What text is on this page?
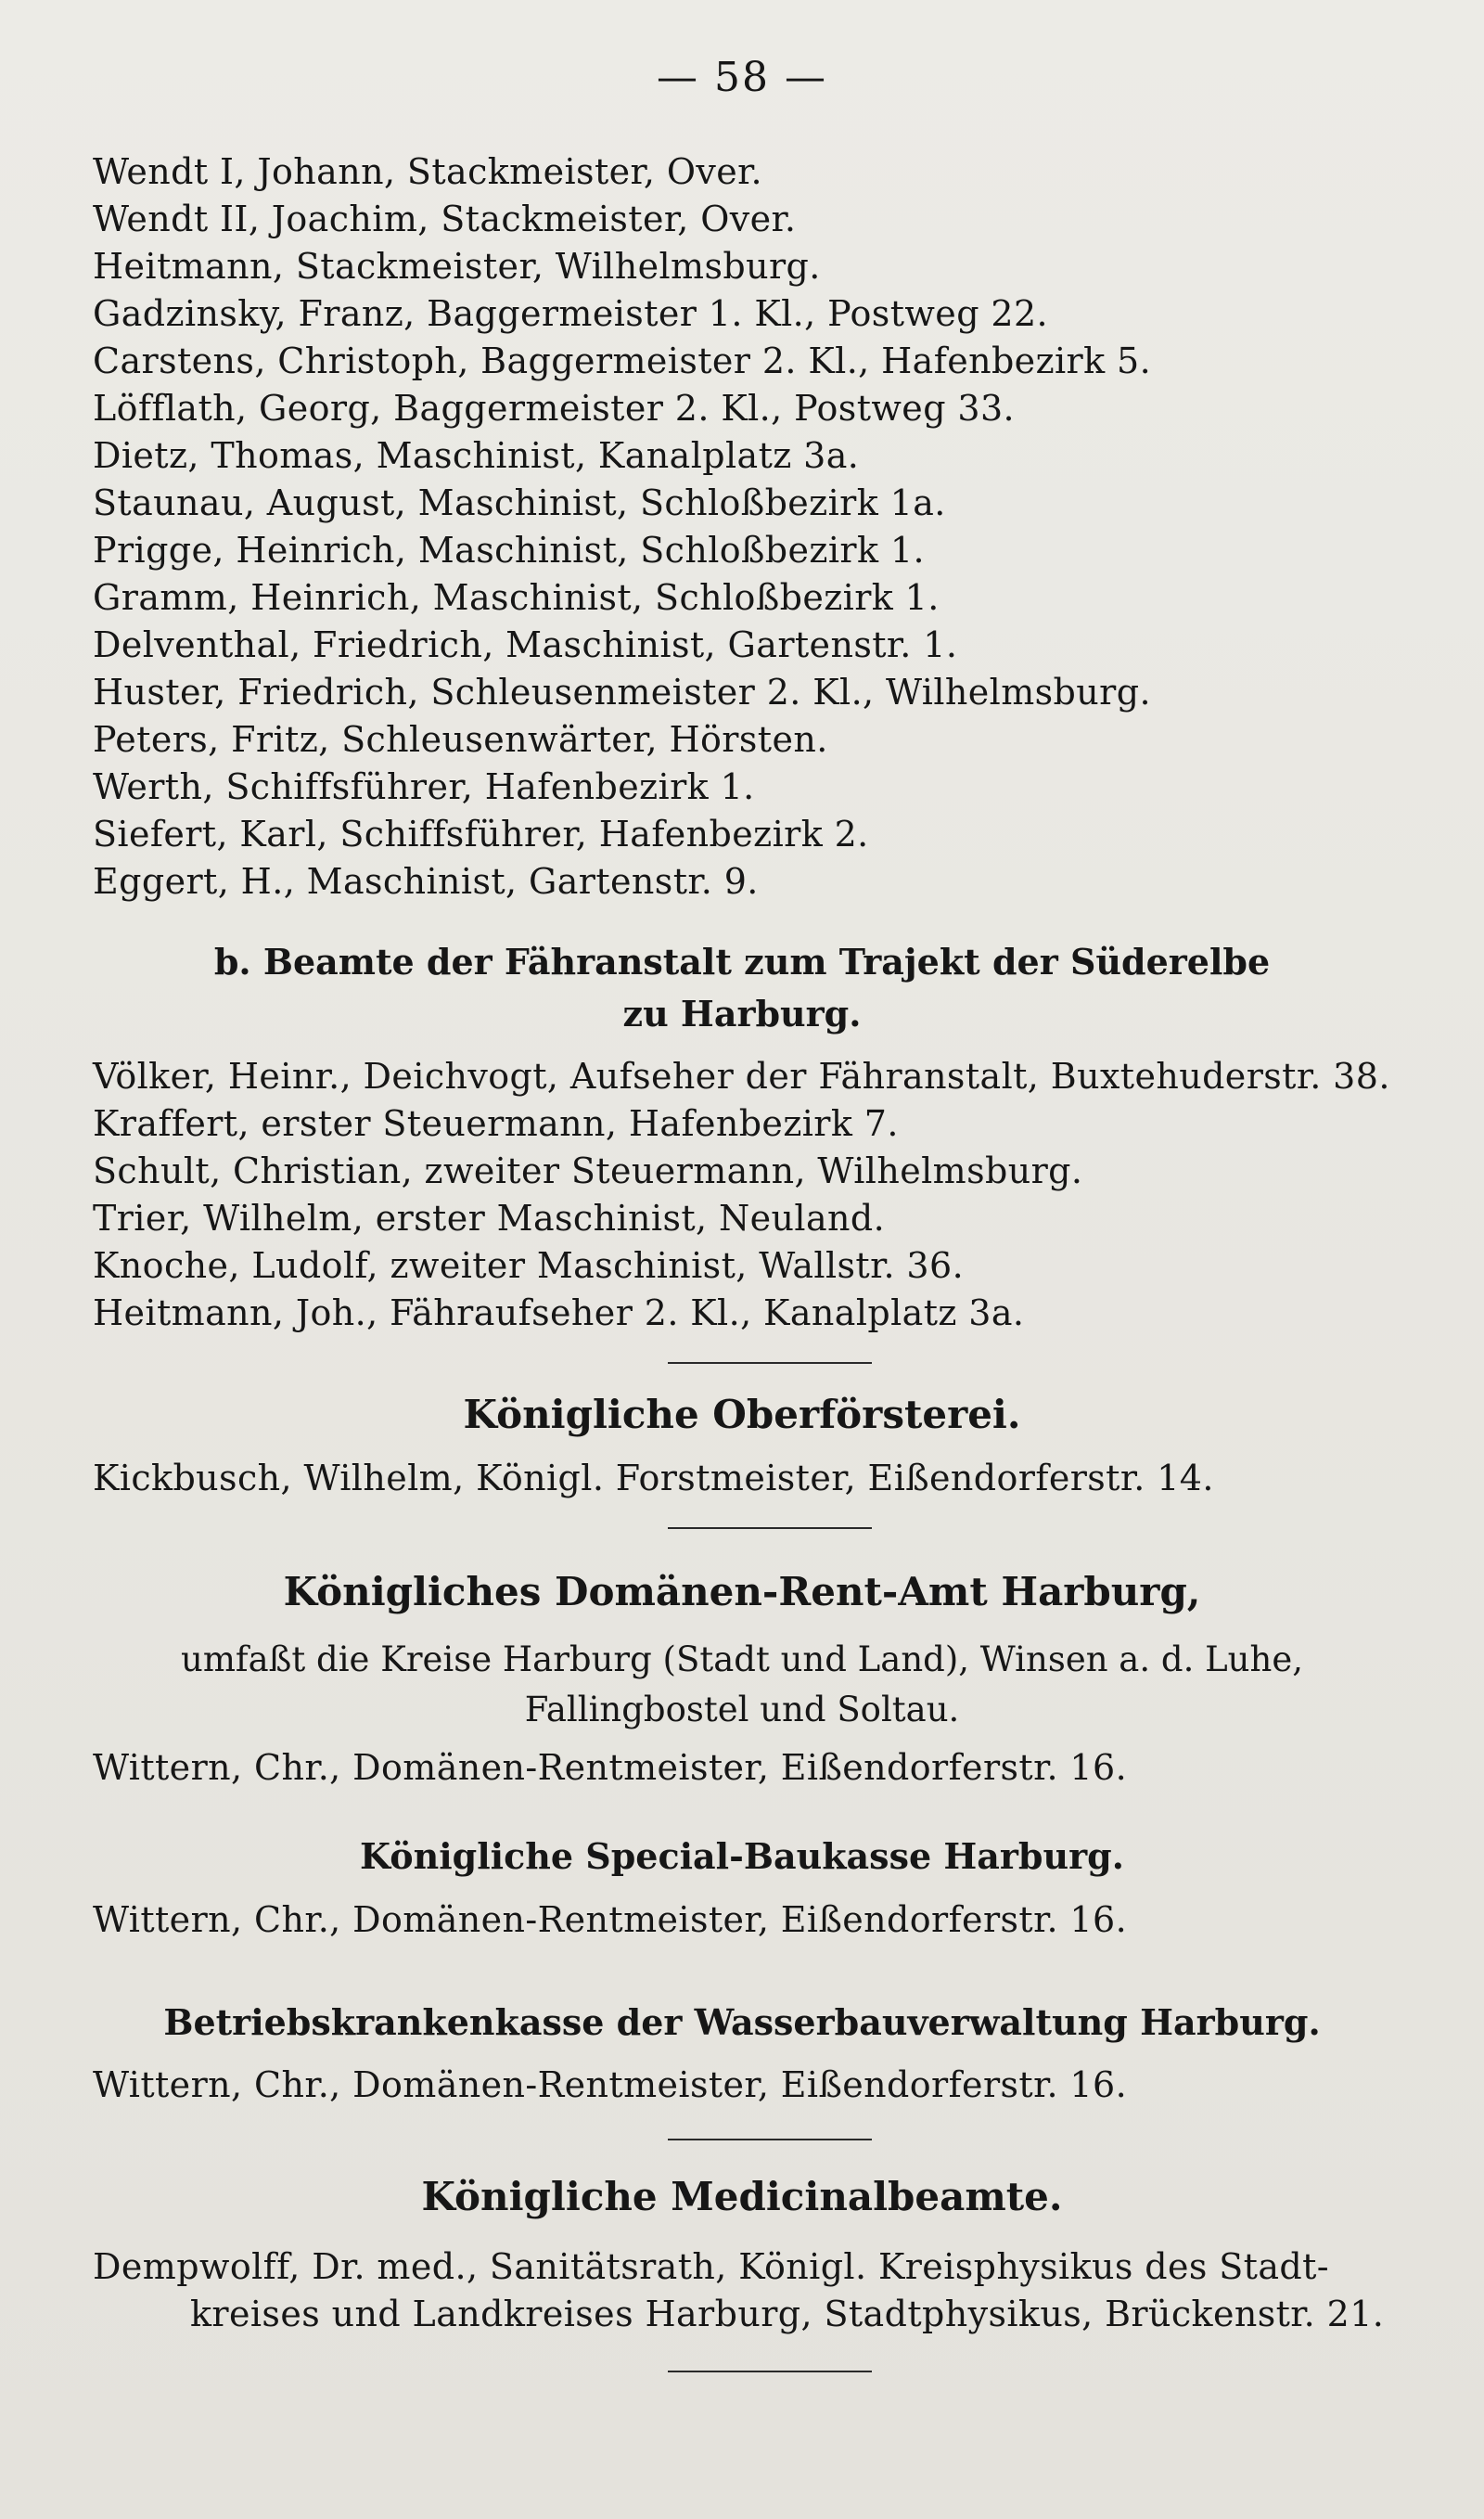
— 58 —
Wendt I, Johann, Stackmeister, Over.
Wendt II, Joachim, Stackmeister, Over.
Heitmann, Stackmeister, Wilhelmsburg.
Gadzinsky, Franz, Baggermeister 1. Kl., Postweg 22.
Carstens, Christoph, Baggermeister 2. Kl., Hafenbezirk 5.
Löfflath, Georg, Baggermeister 2. Kl., Postweg 33.
Dietz, Thomas, Maschinist, Kanalplatz 3a.
Staunau, August, Maschinist, Schloßbezirk 1a.
Prigge, Heinrich, Maschinist, Schloßbezirk 1.
Gramm, Heinrich, Maschinist, Schloßbezirk 1.
Delventhal, Friedrich, Maschinist, Gartenstr. 1.
Huster, Friedrich, Schleusenmeister 2. Kl., Wilhelmsburg.
Peters, Fritz, Schleusenwärter, Hörsten.
Werth, Schiffsführer, Hafenbezirk 1.
Siefert, Karl, Schiffsführer, Hafenbezirk 2.
Eggert, H., Maschinist, Gartenstr. 9.
b. Beamte der Fähranstalt zum Trajekt der Süderelbe
zu Harburg.
Völker, Heinr., Deichvogt, Aufseher der Fähranstalt, Buxtehuderstr. 38.
Kraffert, erster Steuermann, Hafenbezirk 7.
Schult, Christian, zweiter Steuermann, Wilhelmsburg.
Trier, Wilhelm, erster Maschinist, Neuland.
Knoche, Ludolf, zweiter Maschinist, Wallstr. 36.
Heitmann, Joh., Fähraufseher 2. Kl., Kanalplatz 3a.
Königliche Oberförsterei.
Kickbusch, Wilhelm, Königl. Forstmeister, Eißendorferstr. 14.
Königliches Domänen-Rent-Amt Harburg,
umfaßt die Kreise Harburg (Stadt und Land), Winsen a. d. Luhe,
Fallingbostel und Soltau.
Wittern, Chr., Domänen-Rentmeister, Eißendorferstr. 16.
Königliche Special-Baukasse Harburg.
Wittern, Chr., Domänen-Rentmeister, Eißendorferstr. 16.
Betriebskrankenkasse der Wasserbauverwaltung Harburg.
Wittern, Chr., Domänen-Rentmeister, Eißendorferstr. 16.
Königliche Medicinalbeamte.
Dempwolff, Dr. med., Sanitätsrath, Königl. Kreisphysikus des Stadt-
kreises und Landkreises Harburg, Stadtphysikus, Brückenstr. 21.
